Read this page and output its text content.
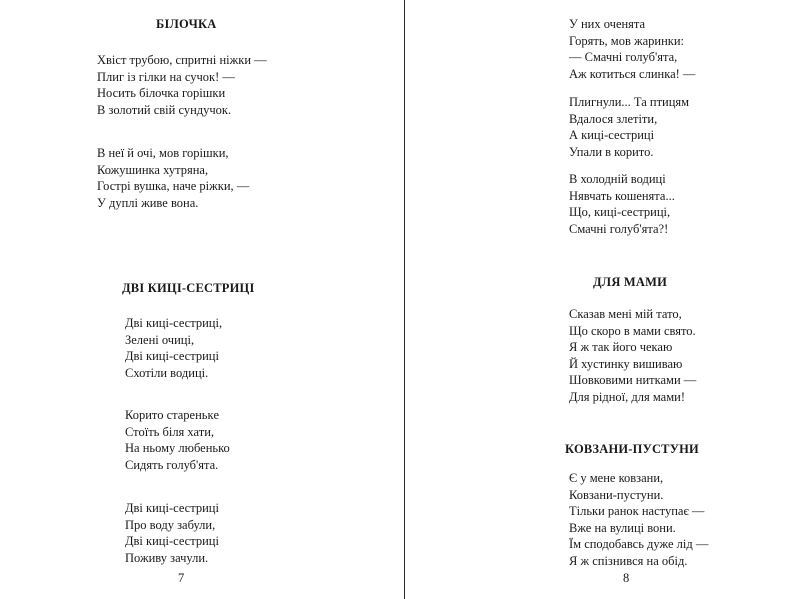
БІЛОЧКА
Хвіст трубою, спритні ніжки —
Плиг із гілки на сучок! —
Носить білочка горішки
В золотий свій сундучок.
В неї й очі, мов горішки,
Кожушинка хутряна,
Гострі вушка, наче ріжки, —
У дуплі живе вона.
ДВІ КИЦІ-СЕСТРИЦІ
Дві киці-сестриці,
Зелені очиці,
Дві киці-сестриці
Схотіли водиці.
Корито старенькe
Стоїть біля хати,
На ньому любенько
Сидять голуб'ята.
Дві киці-сестриці
Про воду забули,
Дві киці-сестриці
Поживу зачули.
7
У них оченята
Горять, мов жаринки:
— Смачні голуб'ята,
Аж котиться слинка! —
Плигнули... Та птицям
Вдалося злетіти,
А киці-сестриці
Упали в корито.
В холодній водиці
Нявчать кошенята...
Що, киці-сестриці,
Смачні голуб'ята?!
ДЛЯ МАМИ
Сказав мені мій тато,
Що скоро в мами свято.
Я ж так його чекаю
Й хустинку вишиваю
Шовковими нитками —
Для рідної, для мами!
КОВЗАНИ-ПУСТУНИ
Є у мене ковзани,
Ковзани-пустуни.
Тільки ранок наступає —
Вже на вулиці вони.
Їм сподобавсь дуже лід —
Я ж спізнився на обід.
8
